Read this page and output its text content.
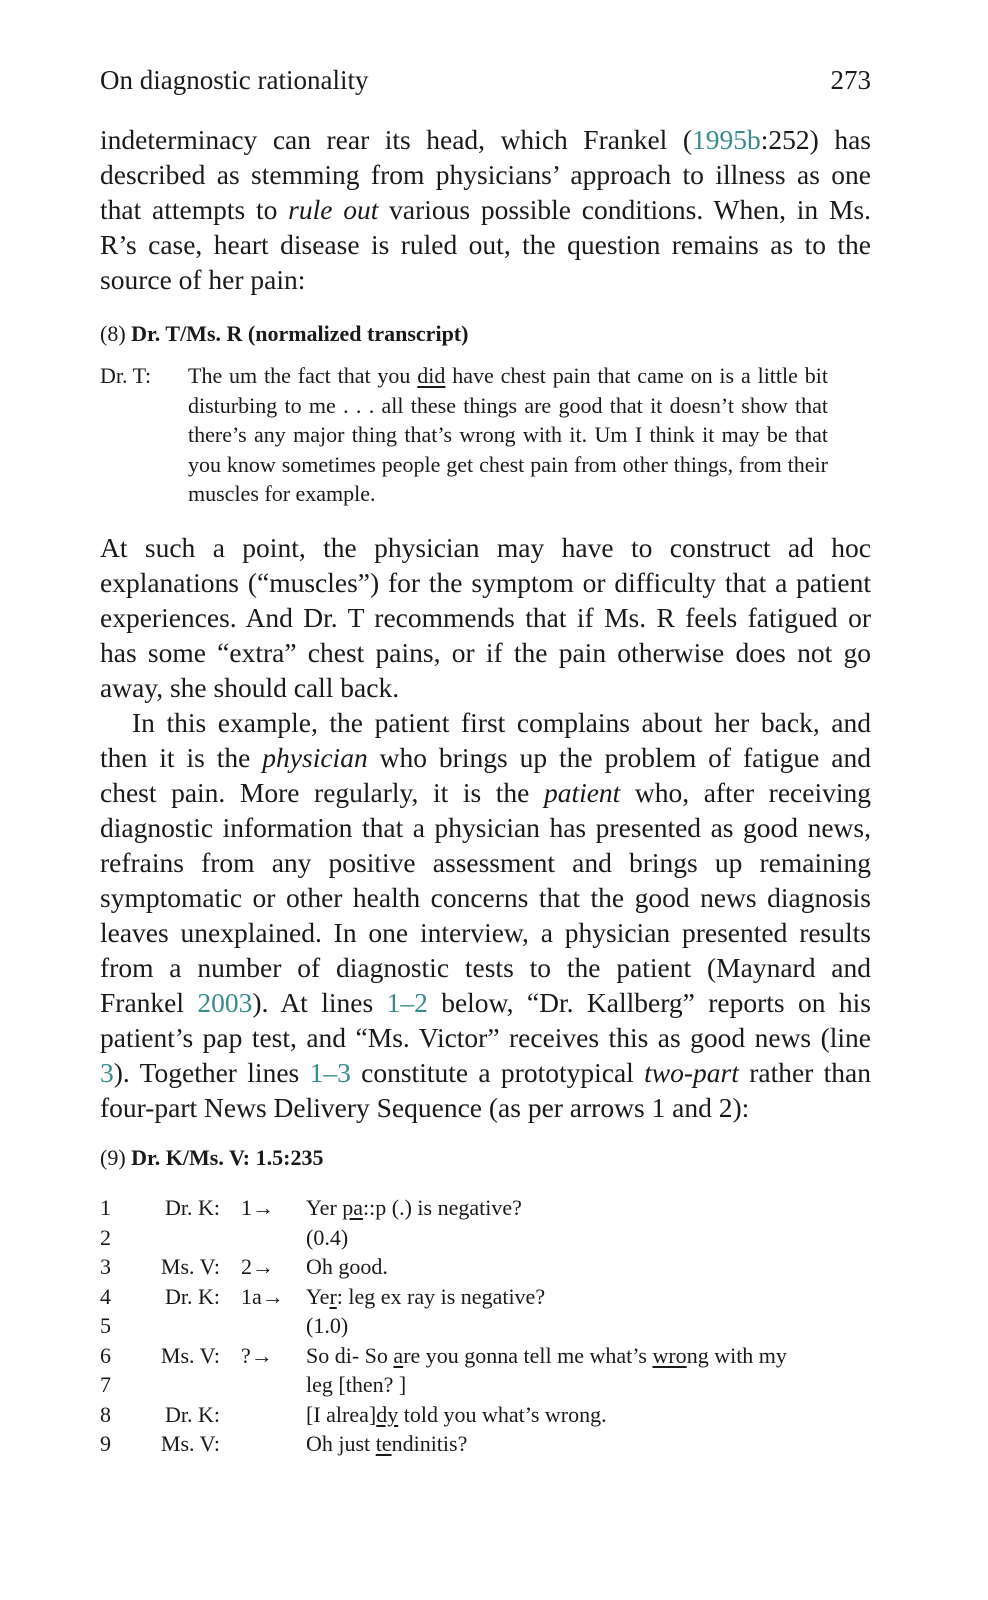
On diagnostic rationality	273

indeterminacy can rear its head, which Frankel (1995b:252) has described as stemming from physicians’ approach to illness as one that attempts to rule out various possible conditions. When, in Ms. R’s case, heart disease is ruled out, the question remains as to the source of her pain:

(8) Dr. T/Ms. R (normalized transcript)
Dr. T:	The um the fact that you did have chest pain that came on is a little bit disturbing to me . . . all these things are good that it doesn’t show that there’s any major thing that’s wrong with it. Um I think it may be that you know sometimes people get chest pain from other things, from their muscles for example.

At such a point, the physician may have to construct ad hoc explanations (“muscles”) for the symptom or difficulty that a patient experiences. And Dr. T recommends that if Ms. R feels fatigued or has some “extra” chest pains, or if the pain otherwise does not go away, she should call back.

In this example, the patient first complains about her back, and then it is the physician who brings up the problem of fatigue and chest pain. More regularly, it is the patient who, after receiving diagnostic information that a physician has presented as good news, refrains from any positive assessment and brings up remaining symptomatic or other health concerns that the good news diagnosis leaves unexplained. In one interview, a physician presented results from a number of diagnostic tests to the patient (Maynard and Frankel 2003). At lines 1–2 below, “Dr. Kallberg” reports on his patient’s pap test, and “Ms. Victor” receives this as good news (line 3). Together lines 1–3 constitute a prototypical two-part rather than four-part News Delivery Sequence (as per arrows 1 and 2):

(9) Dr. K/Ms. V: 1.5:235
1	Dr. K: 1→ Yer pa::p (.) is negative?
2	(0.4)
3	Ms. V: 2→ Oh good.
4	Dr. K: 1a→ Yer: leg ex ray is negative?
5	(1.0)
6	Ms. V: ?→ So di- So are you gonna tell me what’s wrong with my
7	leg [then? ]
8	Dr. K:	[I alrea]dy told you what’s wrong.
9	Ms. V:	Oh just tendinitis?
